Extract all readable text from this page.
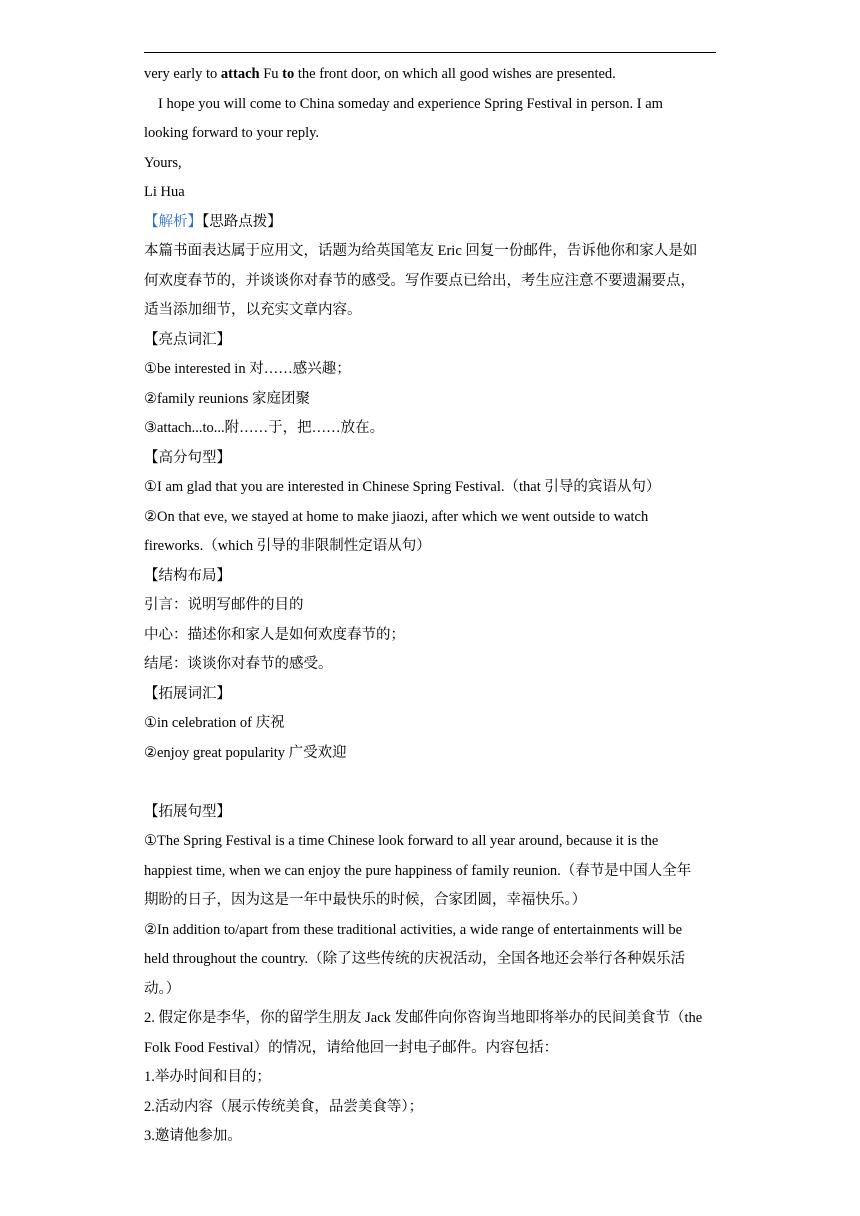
very early to attach Fu to the front door, on which all good wishes are presented.
I hope you will come to China someday and experience Spring Festival in person. I am
looking forward to your reply.
Yours,
Li Hua
【解析】【思路点拨】
本篇书面表达属于应用文，话题为给英国笔友 Eric 回复一份邮件，告诉他你和家人是如
何欢度春节的，并谈谈你对春节的感受。写作要点已给出，考生应注意不要遗漏要点，
适当添加细节，以充实文章内容。
【亮点词汇】
①be interested in 对……感兴趣；
②family reunions 家庭团聚
③attach...to...附……于，把……放在。
【高分句型】
①I am glad that you are interested in Chinese Spring Festival.（that 引导的宾语从句）
②On that eve, we stayed at home to make jiaozi, after which we went outside to watch
fireworks.（which 引导的非限制性定语从句）
【结构布局】
引言：说明写邮件的目的
中心：描述你和家人是如何欢度春节的；
结尾：谈谈你对春节的感受。
【拓展词汇】
①in celebration of 庆祝
②enjoy great popularity 广受欢迎
【拓展句型】
①The Spring Festival is a time Chinese look forward to all year around, because it is the
happiest time, when we can enjoy the pure happiness of family reunion.（春节是中国人全年
期盼的日子，因为这是一年中最快乐的时候，合家团圆，幸福快乐。）
②In addition to/apart from these traditional activities, a wide range of entertainments will be
held throughout the country.（除了这些传统的庆祝活动，全国各地还会举行各种娱乐活
动。）
2. 假定你是李华，你的留学生朋友 Jack 发邮件向你咨询当地即将举办的民间美食节（the
Folk Food Festival）的情况，请给他回一封电子邮件。内容包括：
1.举办时间和目的；
2.活动内容（展示传统美食，品尝美食等）；
3.邀请他参加。
